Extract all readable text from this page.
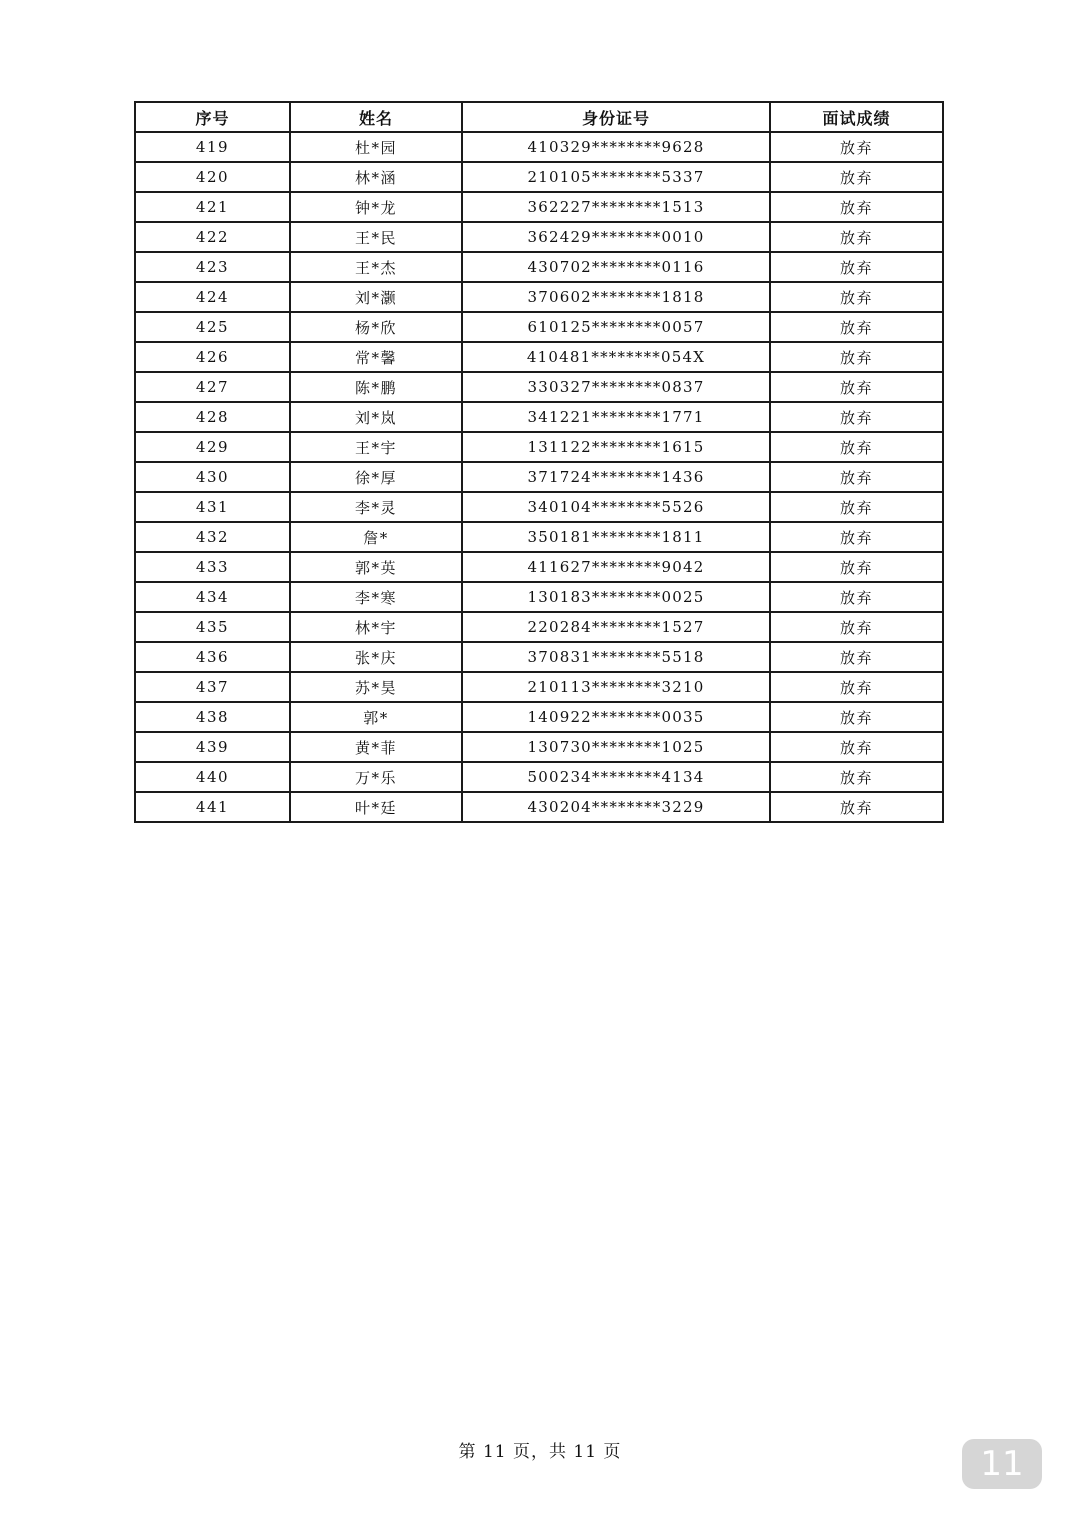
序号	姓名	身份证号	面试成绩
419	杜*园	410329********9628	放弃
420	林*涵	210105********5337	放弃
421	钟*龙	362227********1513	放弃
422	王*民	362429********0010	放弃
423	王*杰	430702********0116	放弃
424	刘*灏	370602********1818	放弃
425	杨*欣	610125********0057	放弃
426	常*馨	410481********054X	放弃
427	陈*鹏	330327********0837	放弃
428	刘*岚	341221********1771	放弃
429	王*宇	131122********1615	放弃
430	徐*厚	371724********1436	放弃
431	李*灵	340104********5526	放弃
432	詹*	350181********1811	放弃
433	郭*英	411627********9042	放弃
434	李*寒	130183********0025	放弃
435	林*宇	220284********1527	放弃
436	张*庆	370831********5518	放弃
437	苏*昊	210113********3210	放弃
438	郭*	140922********0035	放弃
439	黄*菲	130730********1025	放弃
440	万*乐	500234********4134	放弃
441	叶*廷	430204********3229	放弃
第 11 页，共 11 页	11
